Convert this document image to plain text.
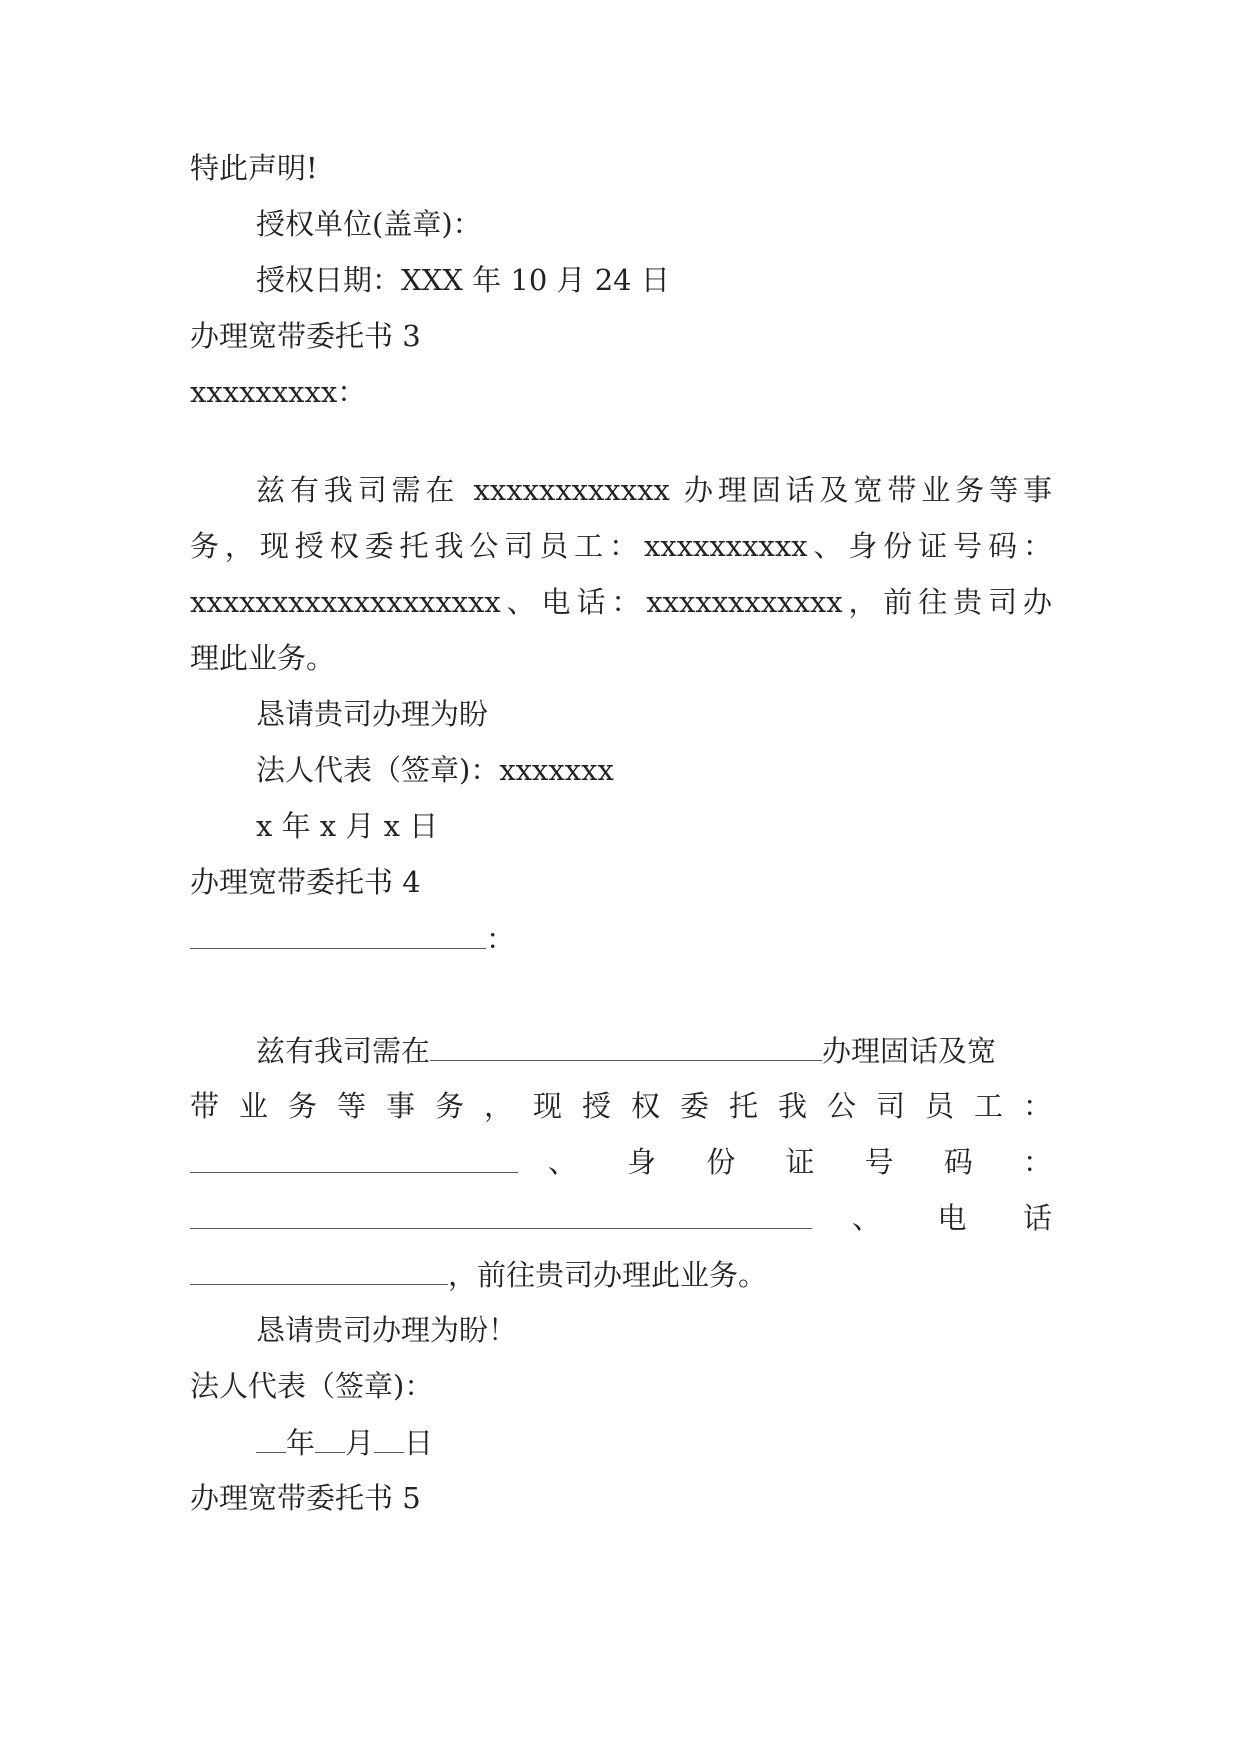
特此声明!
授权单位(盖章)：
授权日期：XXX 年 10 月 24 日
办理宽带委托书 3
xxxxxxxxx：
兹有我司需在 xxxxxxxxxxxx 办理固话及宽带业务等事
务，现授权委托我公司员工：xxxxxxxxxx、身份证号码：
xxxxxxxxxxxxxxxxxxx、电话：xxxxxxxxxxxx，前往贵司办
理此业务。
恳请贵司办理为盼
法人代表（签章)：xxxxxxx
x 年 x 月 x 日
办理宽带委托书 4
：
兹有我司需在	办理固话及宽
带业务等事务，现授权委托我公司员工：
、身份证号码：
、电话
，前往贵司办理此业务。
恳请贵司办理为盼！
法人代表（签章)：
年 月 日
办理宽带委托书 5
